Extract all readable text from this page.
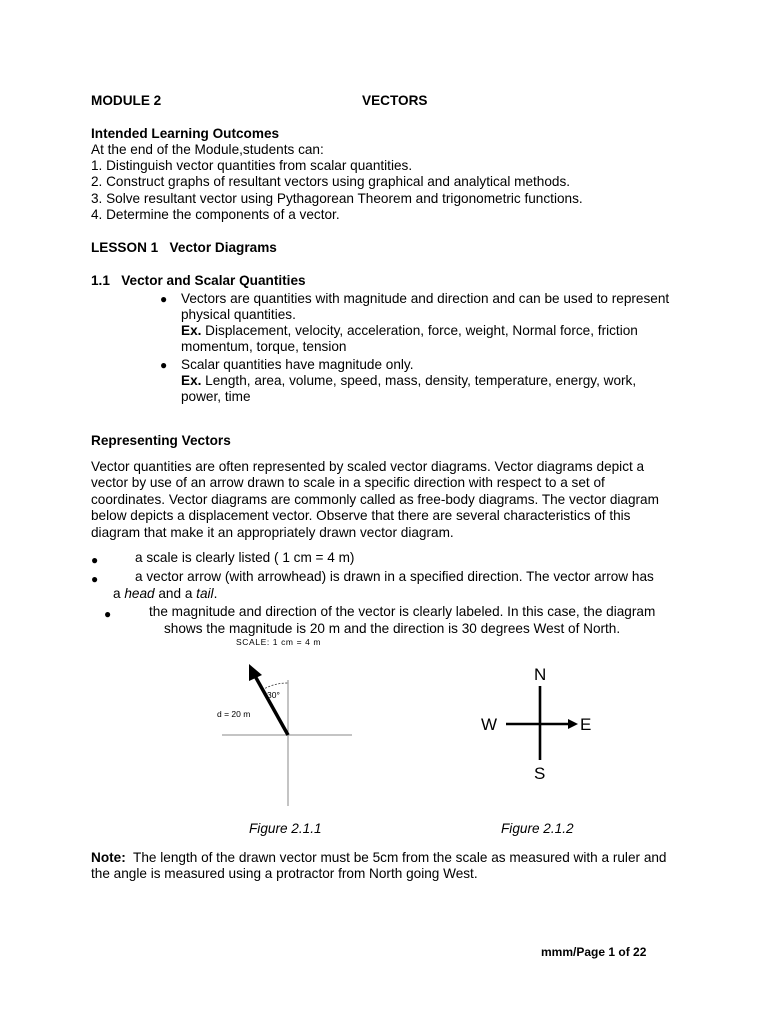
MODULE 2	VECTORS
Intended Learning Outcomes
At the end of the Module,students can:
1. Distinguish vector quantities from scalar quantities.
2. Construct graphs of resultant vectors using graphical and analytical methods.
3. Solve resultant vector using Pythagorean Theorem and trigonometric functions.
4. Determine the components of a vector.
LESSON 1   Vector Diagrams
1.1   Vector and Scalar Quantities
● Vectors are quantities with magnitude and direction and can be used to represent
physical quantities.
Ex. Displacement, velocity, acceleration, force, weight, Normal force, friction
momentum, torque, tension
● Scalar quantities have magnitude only.
Ex. Length, area, volume, speed, mass, density, temperature, energy, work,
power, time
Representing Vectors
Vector quantities are often represented by scaled vector diagrams. Vector diagrams depict a
vector by use of an arrow drawn to scale in a specific direction with respect to a set of
coordinates. Vector diagrams are commonly called as free-body diagrams. The vector diagram
below depicts a displacement vector. Observe that there are several characteristics of this
diagram that make it an appropriately drawn vector diagram.
●	a scale is clearly listed ( 1 cm = 4 m)
●	a vector arrow (with arrowhead) is drawn in a specified direction. The vector arrow has
a head and a tail.
●	the magnitude and direction of the vector is clearly labeled. In this case, the diagram
shows the magnitude is 20 m and the direction is 30 degrees West of North.
SCALE: 1 cm = 4 m
30°
d = 20 m
N
S
W	E
Figure 2.1.1	Figure 2.1.2
Note:  The length of the drawn vector must be 5cm from the scale as measured with a ruler and
the angle is measured using a protractor from North going West.
mmm/Page 1 of 22
